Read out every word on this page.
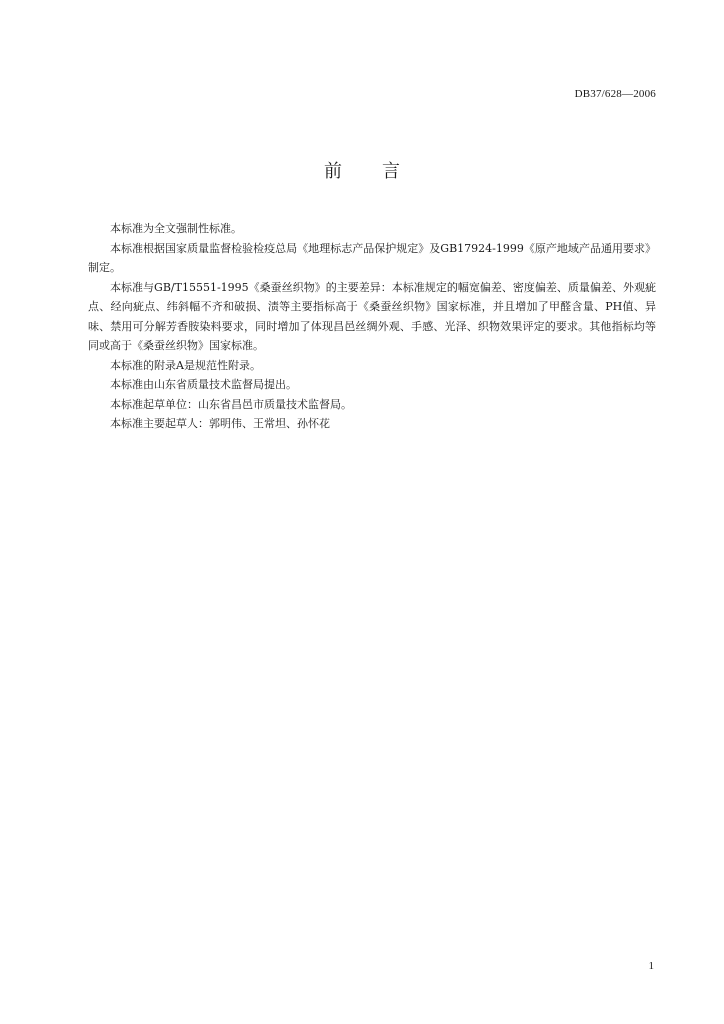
DB37/628—2006
前 言

本标准为全文强制性标准。

本标准根据国家质量监督检验检疫总局《地理标志产品保护规定》及GB17924-1999《原产地域产品通用要求》制定。

本标准与GB/T15551-1995《桑蚕丝织物》的主要差异：本标准规定的幅宽偏差、密度偏差、质量偏差、外观疵点、经向疵点、纬斜幅不齐和破损、渍等主要指标高于《桑蚕丝织物》国家标准，并且增加了甲醛含量、PH值、异味、禁用可分解芳香胺染料要求，同时增加了体现昌邑丝绸外观、手感、光泽、织物效果评定的要求。其他指标均等同或高于《桑蚕丝织物》国家标准。

本标准的附录A是规范性附录。

本标准由山东省质量技术监督局提出。

本标准起草单位：山东省昌邑市质量技术监督局。

本标准主要起草人：郭明伟、王常坦、孙怀花

1
